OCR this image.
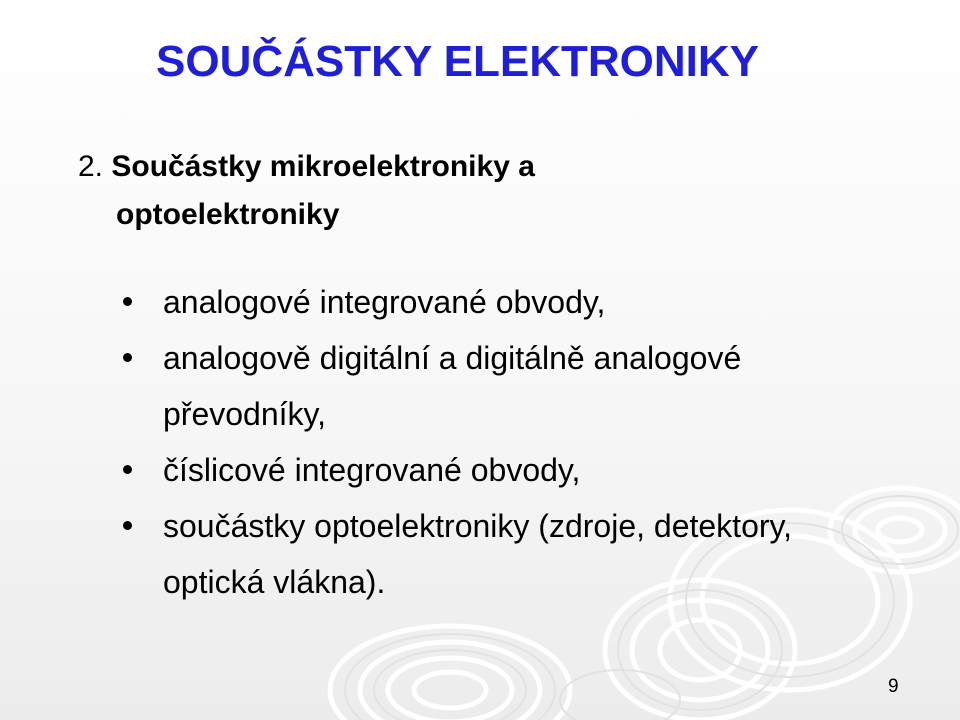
SOUČÁSTKY ELEKTRONIKY
2. Součástky mikroelektroniky a
optoelektroniky
analogové integrované obvody,
analogově digitální a digitálně analogové
převodníky,
číslicové integrované obvody,
součástky optoelektroniky (zdroje, detektory,
optická vlákna).
9
